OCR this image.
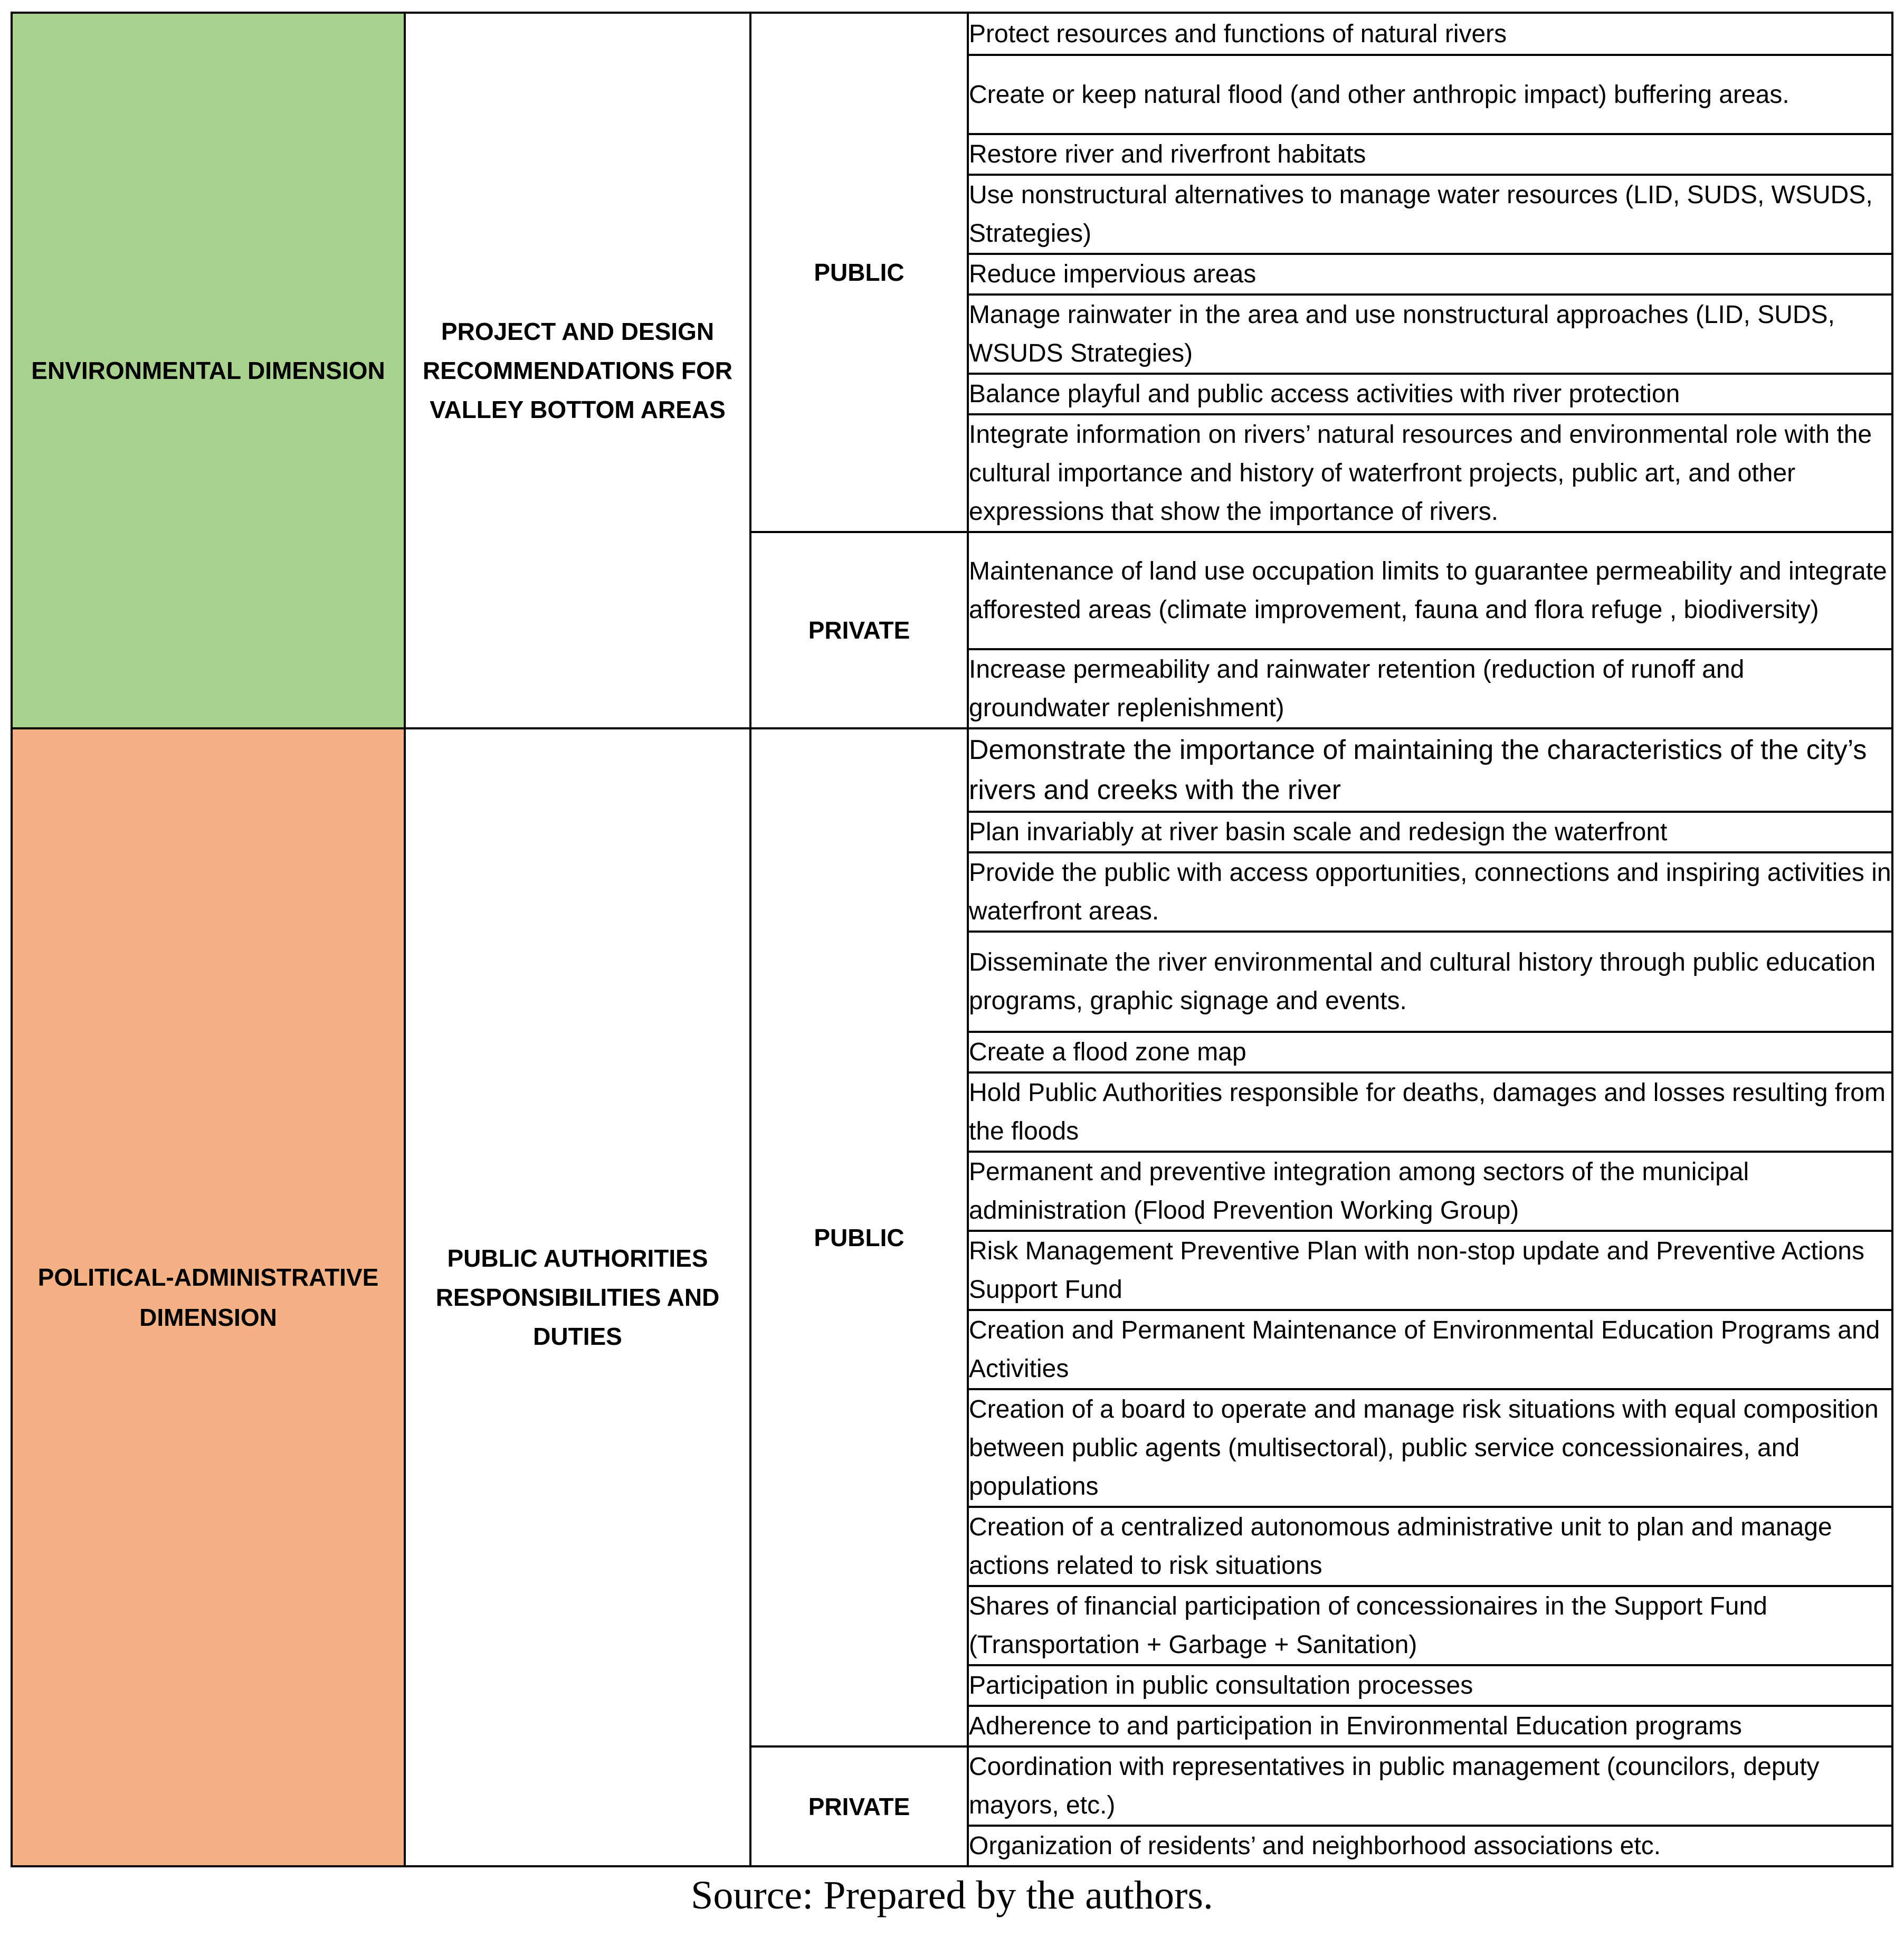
ENVIRONMENTAL DIMENSION	PROJECT AND DESIGN RECOMMENDATIONS FOR VALLEY BOTTOM AREAS	PUBLIC	Protect resources and functions of natural rivers
			Create or keep natural flood (and other anthropic impact) buffering areas.
			Restore river and riverfront habitats
			Use nonstructural alternatives to manage water resources (LID, SUDS, WSUDS, Strategies)
			Reduce impervious areas
			Manage rainwater in the area and use nonstructural approaches (LID, SUDS, WSUDS Strategies)
			Balance playful and public access activities with river protection
			Integrate information on rivers’ natural resources and environmental role with the cultural importance and history of waterfront projects, public art, and other expressions that show the importance of rivers.
		PRIVATE	Maintenance of land use occupation limits to guarantee permeability and integrate afforested areas (climate improvement, fauna and flora refuge , biodiversity)
			Increase permeability and rainwater retention (reduction of runoff and groundwater replenishment)
POLITICAL-ADMINISTRATIVE DIMENSION	PUBLIC AUTHORITIES RESPONSIBILITIES AND DUTIES	PUBLIC	Demonstrate the importance of maintaining the characteristics of the city’s rivers and creeks with the river
			Plan invariably at river basin scale and redesign the waterfront
			Provide the public with access opportunities, connections and inspiring activities in waterfront areas.
			Disseminate the river environmental and cultural history through public education programs, graphic signage and events.
			Create a flood zone map
			Hold Public Authorities responsible for deaths, damages and losses resulting from the floods
			Permanent and preventive integration among sectors of the municipal administration (Flood Prevention Working Group)
			Risk Management Preventive Plan with non-stop update and Preventive Actions Support Fund
			Creation and Permanent Maintenance of Environmental Education Programs and Activities
			Creation of a board to operate and manage risk situations with equal composition between public agents (multisectoral), public service concessionaires, and populations
			Creation of a centralized autonomous administrative unit to plan and manage actions related to risk situations
			Shares of financial participation of concessionaires in the Support Fund (Transportation + Garbage + Sanitation)
			Participation in public consultation processes
			Adherence to and participation in Environmental Education programs
		PRIVATE	Coordination with representatives in public management (councilors, deputy mayors, etc.)
			Organization of residents’ and neighborhood associations etc.
Source: Prepared by the authors.
